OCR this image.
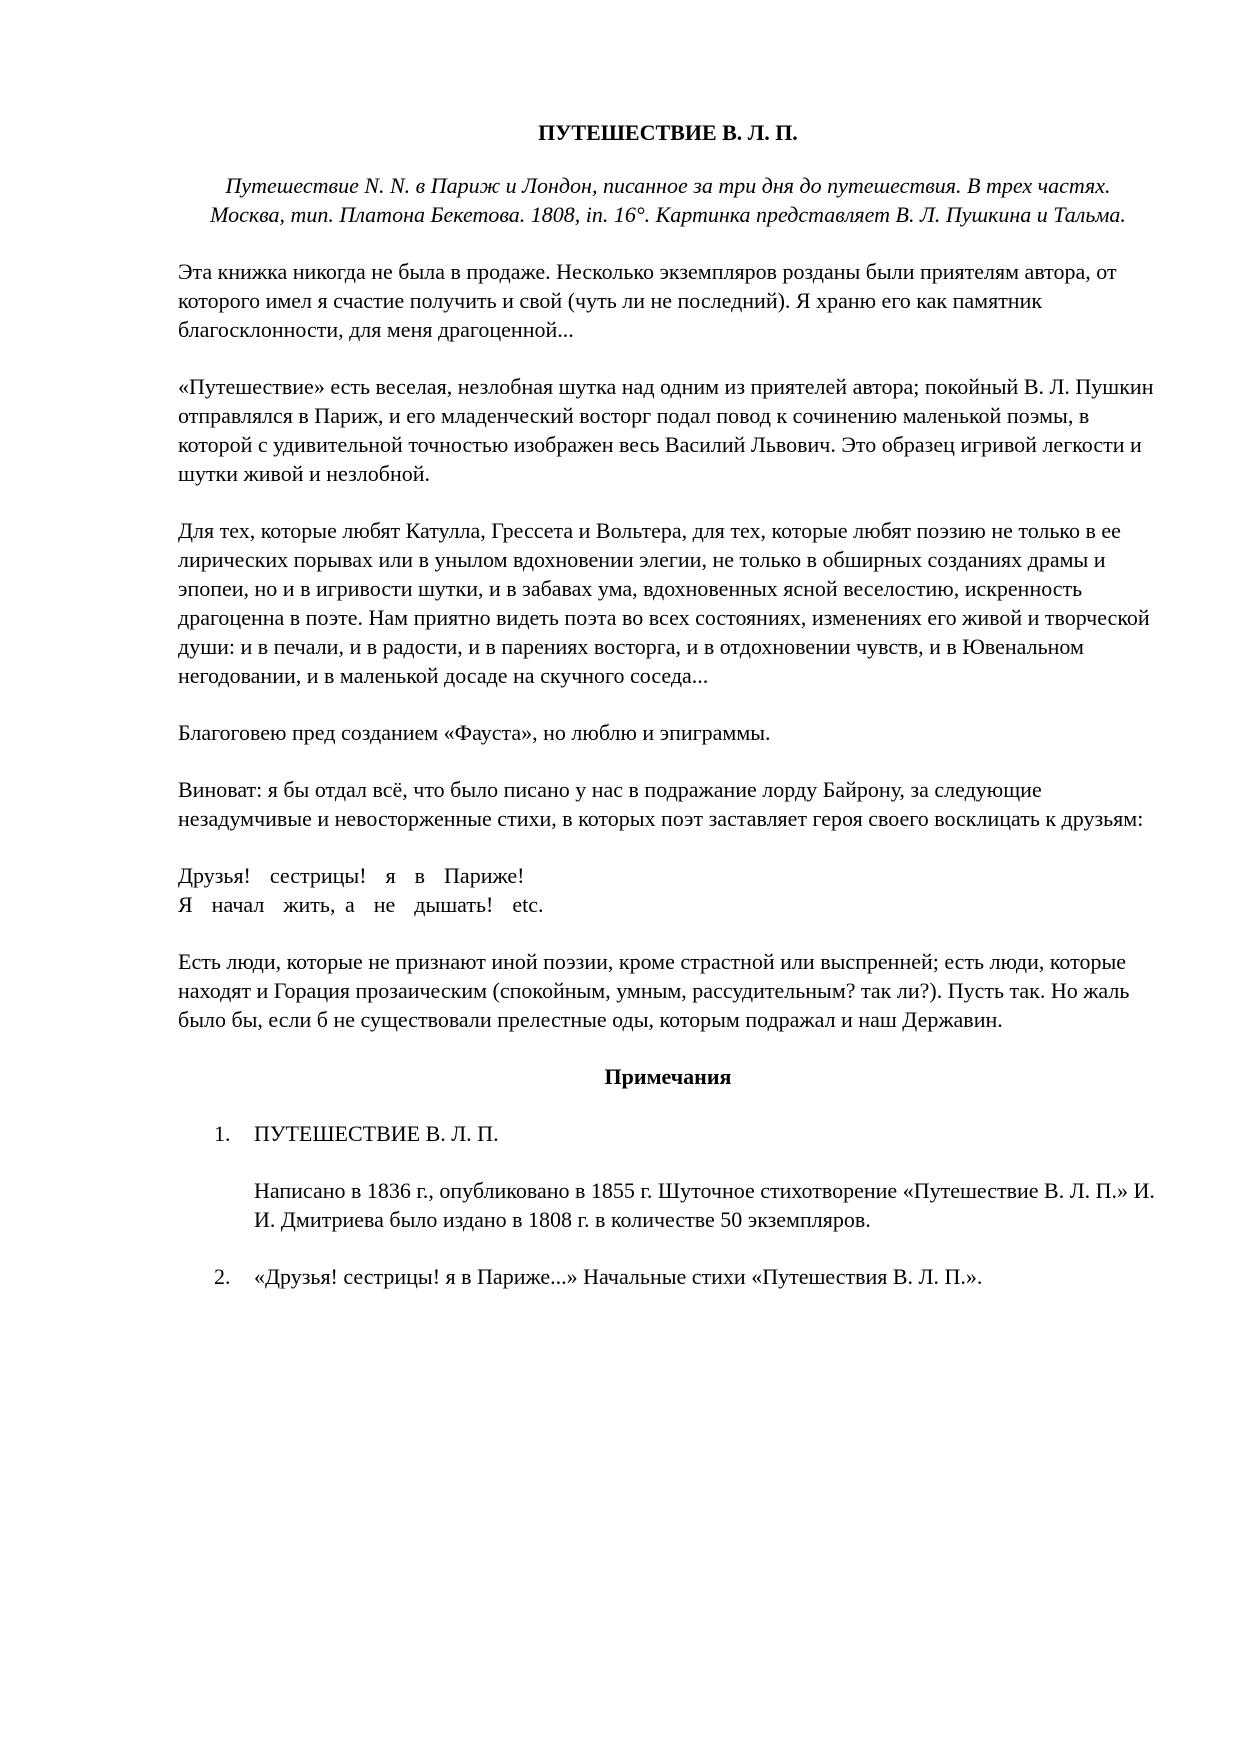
ПУТЕШЕСТВИЕ В. Л. П.
Путешествие N. N. в Париж и Лондон, писанное за три дня до путешествия. В трех частях. Москва, тип. Платона Бекетова. 1808, in. 16°. Картинка представляет В. Л. Пушкина и Тальма.
Эта книжка никогда не была в продаже. Несколько экземпляров розданы были приятелям автора, от которого имел я счастие получить и свой (чуть ли не последний). Я храню его как памятник благосклонности, для меня драгоценной...
«Путешествие» есть веселая, незлобная шутка над одним из приятелей автора; покойный В. Л. Пушкин отправлялся в Париж, и его младенческий восторг подал повод к сочинению маленькой поэмы, в которой с удивительной точностью изображен весь Василий Львович. Это образец игривой легкости и шутки живой и незлобной.
Для тех, которые любят Катулла, Грессета и Вольтера, для тех, которые любят поэзию не только в ее лирических порывах или в унылом вдохновении элегии, не только в обширных созданиях драмы и эпопеи, но и в игривости шутки, и в забавах ума, вдохновенных ясной веселостию, искренность драгоценна в поэте. Нам приятно видеть поэта во всех состояниях, изменениях его живой и творческой души: и в печали, и в радости, и в парениях восторга, и в отдохновении чувств, и в Ювенальном негодовании, и в маленькой досаде на скучного соседа...
Благоговею пред созданием «Фауста», но люблю и эпиграммы.
Виноват: я бы отдал всё, что было писано у нас в подражание лорду Байрону, за следующие незадумчивые и невосторженные стихи, в которых поэт заставляет героя своего восклицать к друзьям:
Друзья!  сестрицы!  я  в  Париже!
Я  начал  жить, а  не  дышать!  etc.
Есть люди, которые не признают иной поэзии, кроме страстной или выспренней; есть люди, которые находят и Горация прозаическим (спокойным, умным, рассудительным? так ли?). Пусть так. Но жаль было бы, если б не существовали прелестные оды, которым подражал и наш Державин.
Примечания
1. ПУТЕШЕСТВИЕ В. Л. П.
Написано в 1836 г., опубликовано в 1855 г. Шуточное стихотворение «Путешествие В. Л. П.» И. И. Дмитриева было издано в 1808 г. в количестве 50 экземпляров.
2. «Друзья! сестрицы! я в Париже...» Начальные стихи «Путешествия В. Л. П.».
